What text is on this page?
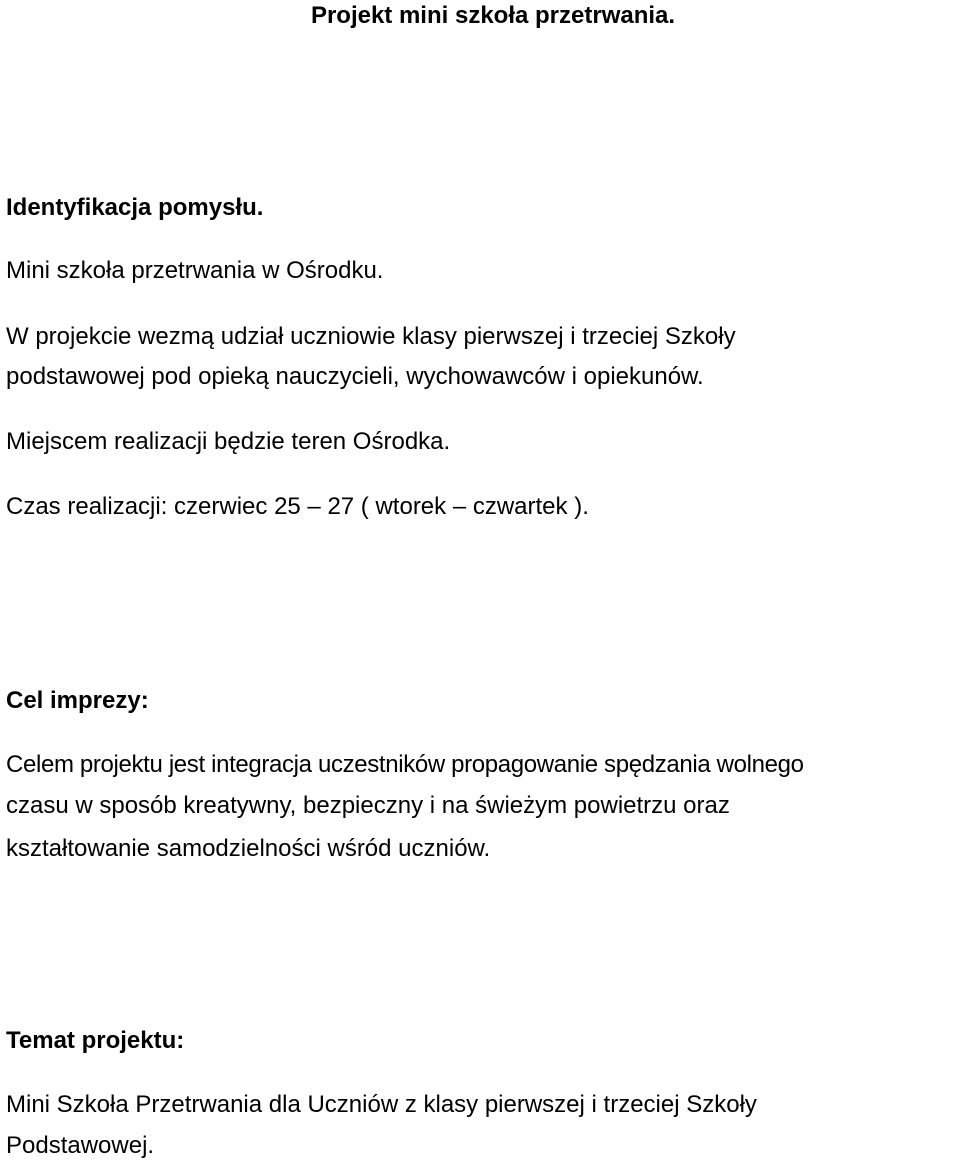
Projekt mini szkoła przetrwania.
Identyfikacja pomysłu.
Mini szkoła przetrwania w Ośrodku.
W projekcie wezmą udział uczniowie klasy pierwszej i trzeciej Szkoły
podstawowej pod opieką nauczycieli, wychowawców i opiekunów.
Miejscem realizacji będzie teren Ośrodka.
Czas realizacji: czerwiec 25 – 27 ( wtorek – czwartek ).
Cel imprezy:
Celem projektu jest integracja uczestników propagowanie spędzania wolnego
czasu w sposób kreatywny, bezpieczny i na świeżym powietrzu oraz
kształtowanie samodzielności wśród uczniów.
Temat projektu:
Mini Szkoła Przetrwania dla Uczniów z klasy pierwszej i trzeciej Szkoły
Podstawowej.
